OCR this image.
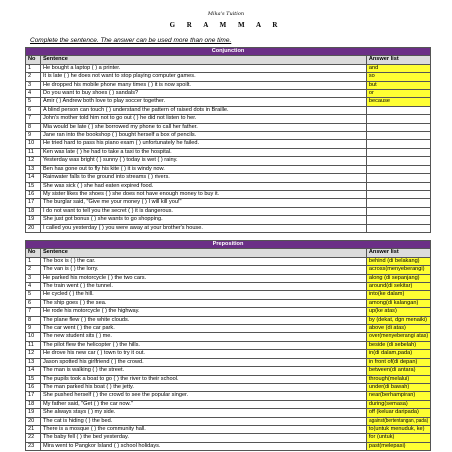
Mika's Tuition
G R A M M A R
Complete the sentence. The answer can be used more than one time.
Conjunction		
No	Sentence	Answer list
1	He bought a laptop ( ) a printer.	and
2	It is late ( ) he does not want to stop playing computer games.	so
3	He dropped his mobile phone many times ( ) it is now spoilt.	but
4	Do you want to buy shoes ( ) sandals?	or
5	Amir ( ) Andrew both love to play soccer together.	because
6	A blind person can touch ( ) understand the pattern of raised dots in Braille.	
7	John's mother told him not to go out ( ) he did not listen to her.	
8	Mia would be late ( ) she borrowed my phone to call her father.	
9	Jane ran into the bookshop ( ) bought herself a box of pencils.	
10	He tried hard to pass his piano exam ( ) unfortunately he failed.	
11	Ken was late ( ) he had to take a taxi to the hospital.	
12	Yesterday was bright ( ) sunny ( ) today is wet ( ) rainy.	
13	Ben has gone out to fly his kite ( ) it is windy now.	
14	Rainwater falls to the ground into streams ( ) rivers.	
15	She was sick ( ) she had eaten expired food.	
16	My sister likes the shoes ( ) she does not have enough money to buy it.	
17	The burglar said, "Give me your money ( ) I will kill you!"	
18	I do not want to tell you the secret ( ) it is dangerous.	
19	She just got bonus ( ) she wants to go shopping.	
20	I called you yesterday ( ) you were away at your brother's house.	
Preposition		
No	Sentence	Answer list
1	The box is ( ) the car.	behind (di belakang)
2	The van is ( ) the lorry.	across(menyeberangi)
3	He parked his motorcycle ( ) the two cars.	along (di sepanjang)
4	The train went ( ) the tunnel.	around(di sekitar)
5	He cycled ( ) the hill.	into(ke dalam)
6	The ship goes ( ) the sea.	among(di kalangan)
7	He rode his motorcycle ( ) the highway.	up(ke atas)
8	The plane flew ( ) the white clouds.	by (dekat, dgn menaiki)
9	The car went ( ) the car park.	above (di atas)
10	The new student sits ( ) me.	over(menyeberangi atas)
11	The pilot flew the helicopter ( ) the hills.	beside (di sebelah)
12	He drove his new car ( ) town to try it out.	in(di dalam,pada)
13	Jason spotted his girlfriend ( ) the crowd.	in front of(di depan)
14	The man is walking ( ) the street.	between(di antara)
15	The pupils took a boat to go ( ) the river to their school.	through(melalui)
16	The man parked his boat ( ) the jetty.	under(di bawah)
17	She pushed herself ( ) the crowd to see the popular singer.	near(berhampiran)
18	My father said, "Get ( ) the car now."	during(semasa)
19	She always stays ( ) my side.	off (keluar daripada)
20	The cat is hiding ( ) the bed.	against(bertentangan, pada)
21	There is a mosque ( ) the community hall.	to(untuk menuduk, ke)
22	The baby fell ( ) the bed yesterday.	for (untuk)
23	Mira went to Pangkor Island ( ) school holidays.	past(melepasi)
